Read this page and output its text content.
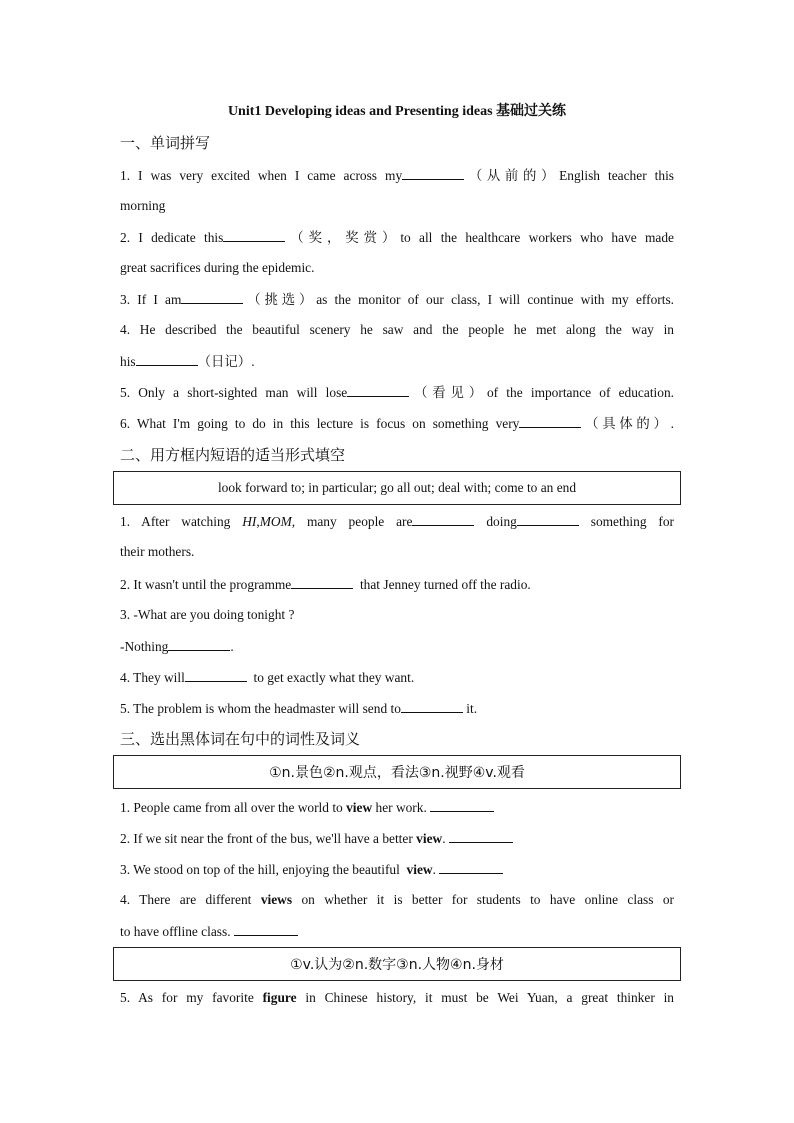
Unit1 Developing ideas and Presenting ideas 基础过关练
一、单词拼写
1. I was very excited when I came across my	（从前的）English teacher this
morning
2. I dedicate this	（奖，奖赏）to all the healthcare workers who have made
great sacrifices during the epidemic.
3. If I am	（挑选）as the monitor of our class, I will continue with my efforts.
4. He described the beautiful scenery he saw and the people he met along the way in
his	（日记）.
5. Only a short-sighted man will lose	（看见）of the importance of education.
6. What I'm going to do in this lecture is focus on something very	（具体的）.
二、用方框内短语的适当形式填空
look forward to; in particular; go all out; deal with; come to an end
1. After watching HI,MOM, many people are	doing	something for
their mothers.
2. It wasn't until the programme	that Jenney turned off the radio.
3. -What are you doing tonight ?
-Nothing	.
4. They will	to get exactly what they want.
5. The problem is whom the headmaster will send to	it.
三、选出黑体词在句中的词性及词义
①n.景色②n.观点，看法③n.视野④v.观看
1. People came from all over the world to view her work.
2. If we sit near the front of the bus, we'll have a better view.
3. We stood on top of the hill, enjoying the beautiful view.
4. There are different views on whether it is better for students to have online class or
to have offline class.
①v.认为②n.数字③n.人物④n.身材
5. As for my favorite figure in Chinese history, it must be Wei Yuan, a great thinker in
